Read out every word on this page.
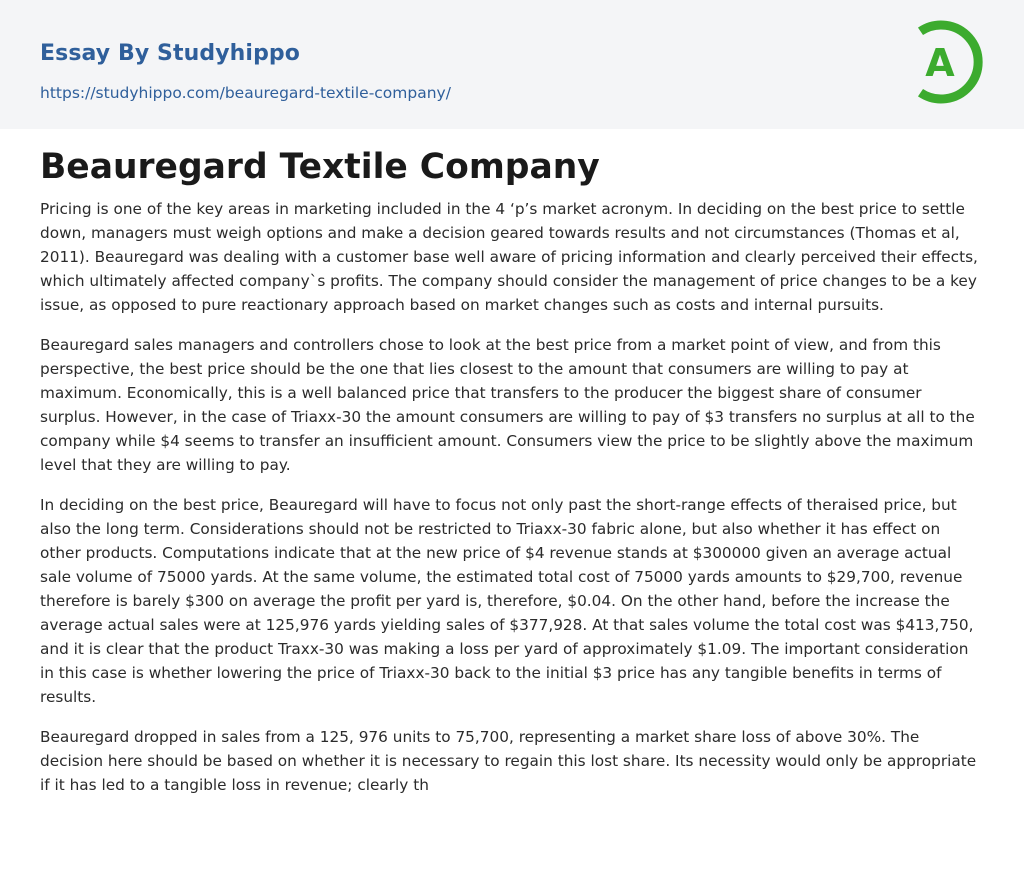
Essay By Studyhippo
https://studyhippo.com/beauregard-textile-company/
A
Beauregard Textile Company

Pricing is one of the key areas in marketing included in the 4 ‘p’s market acronym. In deciding on the best price to settle down, managers must weigh options and make a decision geared towards results and not circumstances (Thomas et al, 2011). Beauregard was dealing with a customer base well aware of pricing information and clearly perceived their effects, which ultimately affected company`s profits. The company should consider the management of price changes to be a key issue, as opposed to pure reactionary approach based on market changes such as costs and internal pursuits.

Beauregard sales managers and controllers chose to look at the best price from a market point of view, and from this perspective, the best price should be the one that lies closest to the amount that consumers are willing to pay at maximum. Economically, this is a well balanced price that transfers to the producer the biggest share of consumer surplus. However, in the case of Triaxx-30 the amount consumers are willing to pay of $3 transfers no surplus at all to the company while $4 seems to transfer an insufficient amount. Consumers view the price to be slightly above the maximum level that they are willing to pay.

In deciding on the best price, Beauregard will have to focus not only past the short-range effects of theraised price, but also the long term. Considerations should not be restricted to Triaxx-30 fabric alone, but also whether it has effect on other products. Computations indicate that at the new price of $4 revenue stands at $300000 given an average actual sale volume of 75000 yards. At the same volume, the estimated total cost of 75000 yards amounts to $29,700, revenue therefore is barely $300 on average the profit per yard is, therefore, $0.04. On the other hand, before the increase the average actual sales were at 125,976 yards yielding sales of $377,928. At that sales volume the total cost was $413,750, and it is clear that the product Traxx-30 was making a loss per yard of approximately $1.09. The important consideration in this case is whether lowering the price of Triaxx-30 back to the initial $3 price has any tangible benefits in terms of results.

Beauregard dropped in sales from a 125, 976 units to 75,700, representing a market share loss of above 30%. The decision here should be based on whether it is necessary to regain this lost share. Its necessity would only be appropriate if it has led to a tangible loss in revenue; clearly th
